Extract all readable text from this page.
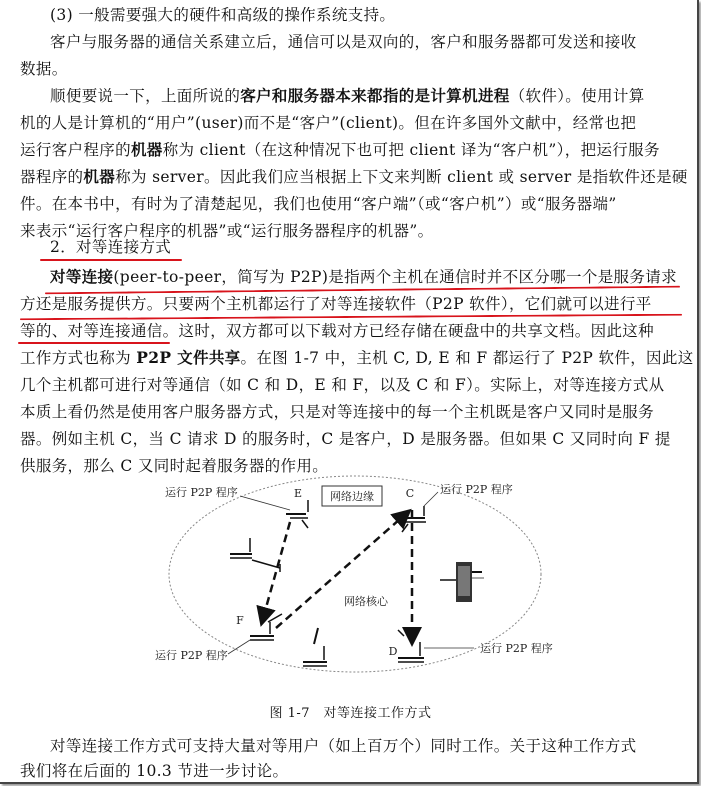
(3) 一般需要强大的硬件和高级的操作系统支持。
客户与服务器的通信关系建立后，通信可以是双向的，客户和服务器都可发送和接收
数据。
顺便要说一下，上面所说的客户和服务器本来都指的是计算机进程（软件）。使用计算
机的人是计算机的“用户”(user)而不是“客户”(client)。但在许多国外文献中，经常也把
运行客户程序的机器称为 client（在这种情况下也可把 client 译为“客户机”），把运行服务
器程序的机器称为 server。因此我们应当根据上下文来判断 client 或 server 是指软件还是硬
件。在本书中，有时为了清楚起见，我们也使用“客户端”（或“客户机”）或“服务器端”
来表示“运行客户程序的机器”或“运行服务器程序的机器”。
2．对等连接方式
对等连接(peer-to-peer，简写为 P2P)是指两个主机在通信时并不区分哪一个是服务请求
方还是服务提供方。只要两个主机都运行了对等连接软件（P2P 软件），它们就可以进行平
等的、对等连接通信。这时，双方都可以下载对方已经存储在硬盘中的共享文档。因此这种
工作方式也称为 P2P 文件共享。在图 1-7 中，主机 C, D, E 和 F 都运行了 P2P 软件，因此这
几个主机都可进行对等通信（如 C 和 D，E 和 F，以及 C 和 F）。实际上，对等连接方式从
本质上看仍然是使用客户服务器方式，只是对等连接中的每一个主机既是客户又同时是服务
器。例如主机 C，当 C 请求 D 的服务时，C 是客户，D 是服务器。但如果 C 又同时向 F 提
供服务，那么 C 又同时起着服务器的作用。
网络边缘
网络核心
E	C
F
D
运行 P2P 程序	运行 P2P 程序
运行 P2P 程序
运行 P2P 程序
图 1-7　对等连接工作方式
对等连接工作方式可支持大量对等用户（如上百万个）同时工作。关于这种工作方式
我们将在后面的 10.3 节进一步讨论。
